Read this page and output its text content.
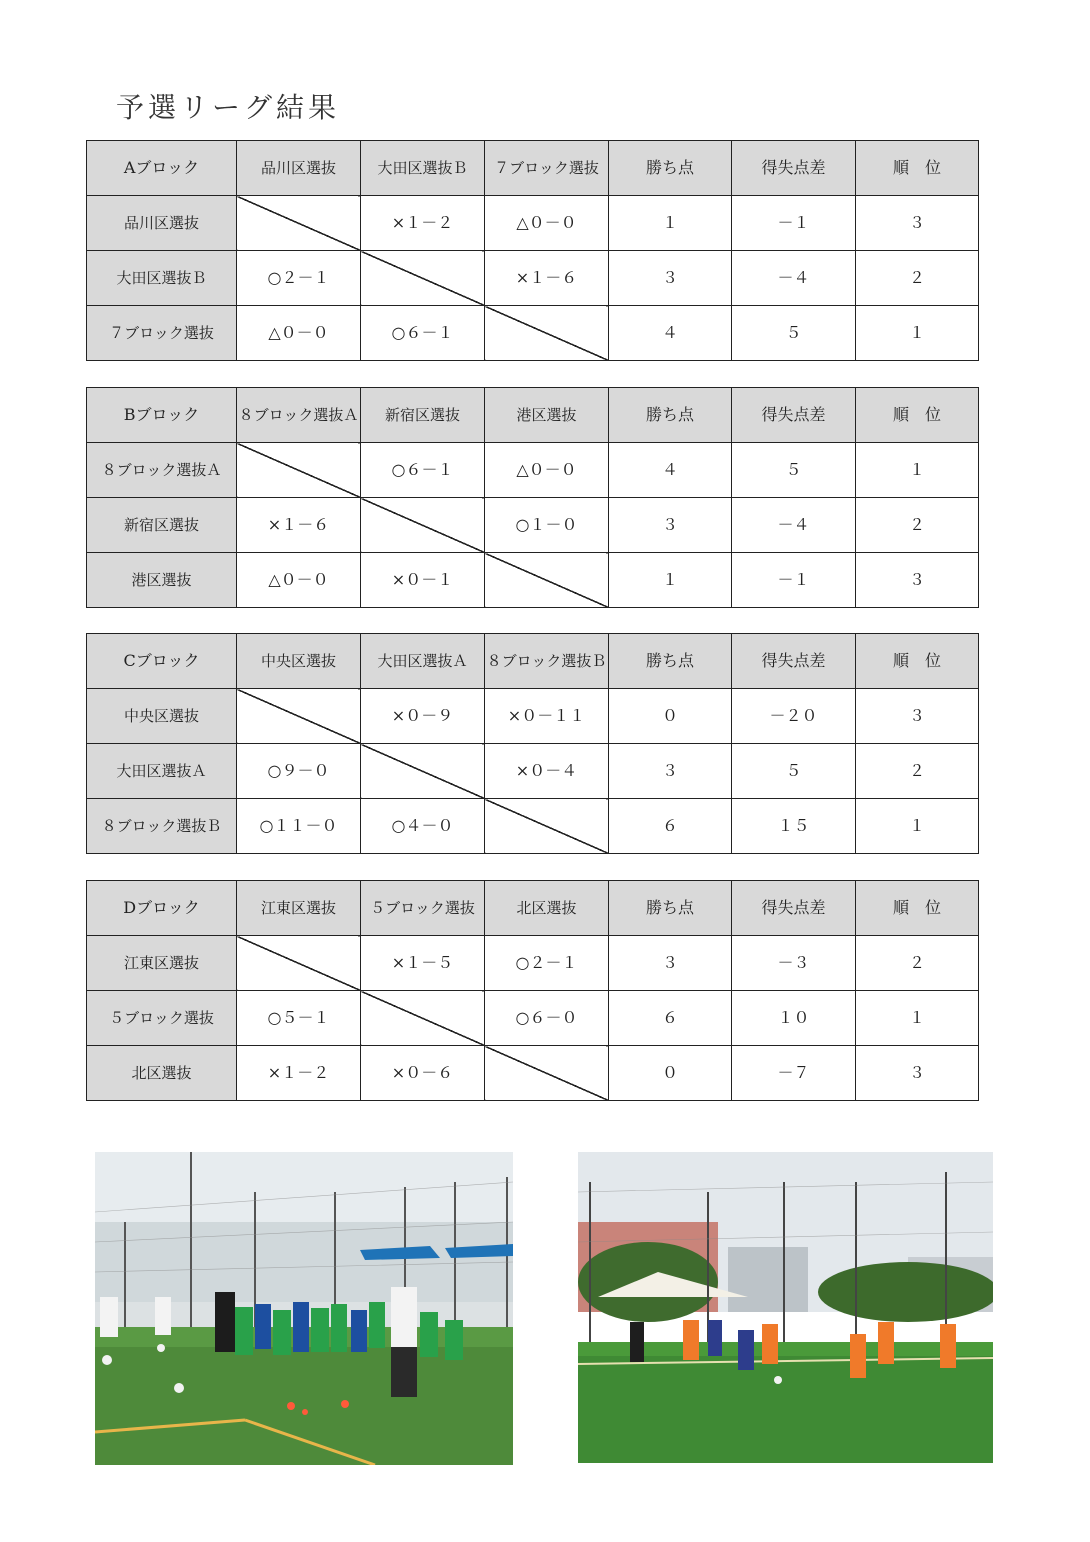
予選リーグ結果
Aブロック	品川区選抜	大田区選抜Ｂ	７ブロック選抜	勝ち点	得失点差	順　位
品川区選抜		×１－２	△０－０	１	－１	３
大田区選抜Ｂ	○２－１		×１－６	３	－４	２
７ブロック選抜	△０－０	○６－１		４	５	１
Bブロック	８ブロック選抜Ａ	新宿区選抜	港区選抜	勝ち点	得失点差	順　位
８ブロック選抜Ａ		○６－１	△０－０	４	５	１
新宿区選抜	×１－６		○１－０	３	－４	２
港区選抜	△０－０	×０－１		１	－１	３
Cブロック	中央区選抜	大田区選抜Ａ	８ブロック選抜Ｂ	勝ち点	得失点差	順　位
中央区選抜		×０－９	×０－１１	０	－２０	３
大田区選抜Ａ	○９－０		×０－４	３	５	２
８ブロック選抜Ｂ	○１１－０	○４－０		６	１５	１
Dブロック	江東区選抜	５ブロック選抜	北区選抜	勝ち点	得失点差	順　位
江東区選抜		×１－５	○２－１	３	－３	２
５ブロック選抜	○５－１		○６－０	６	１０	１
北区選抜	×１－２	×０－６		０	－７	３
